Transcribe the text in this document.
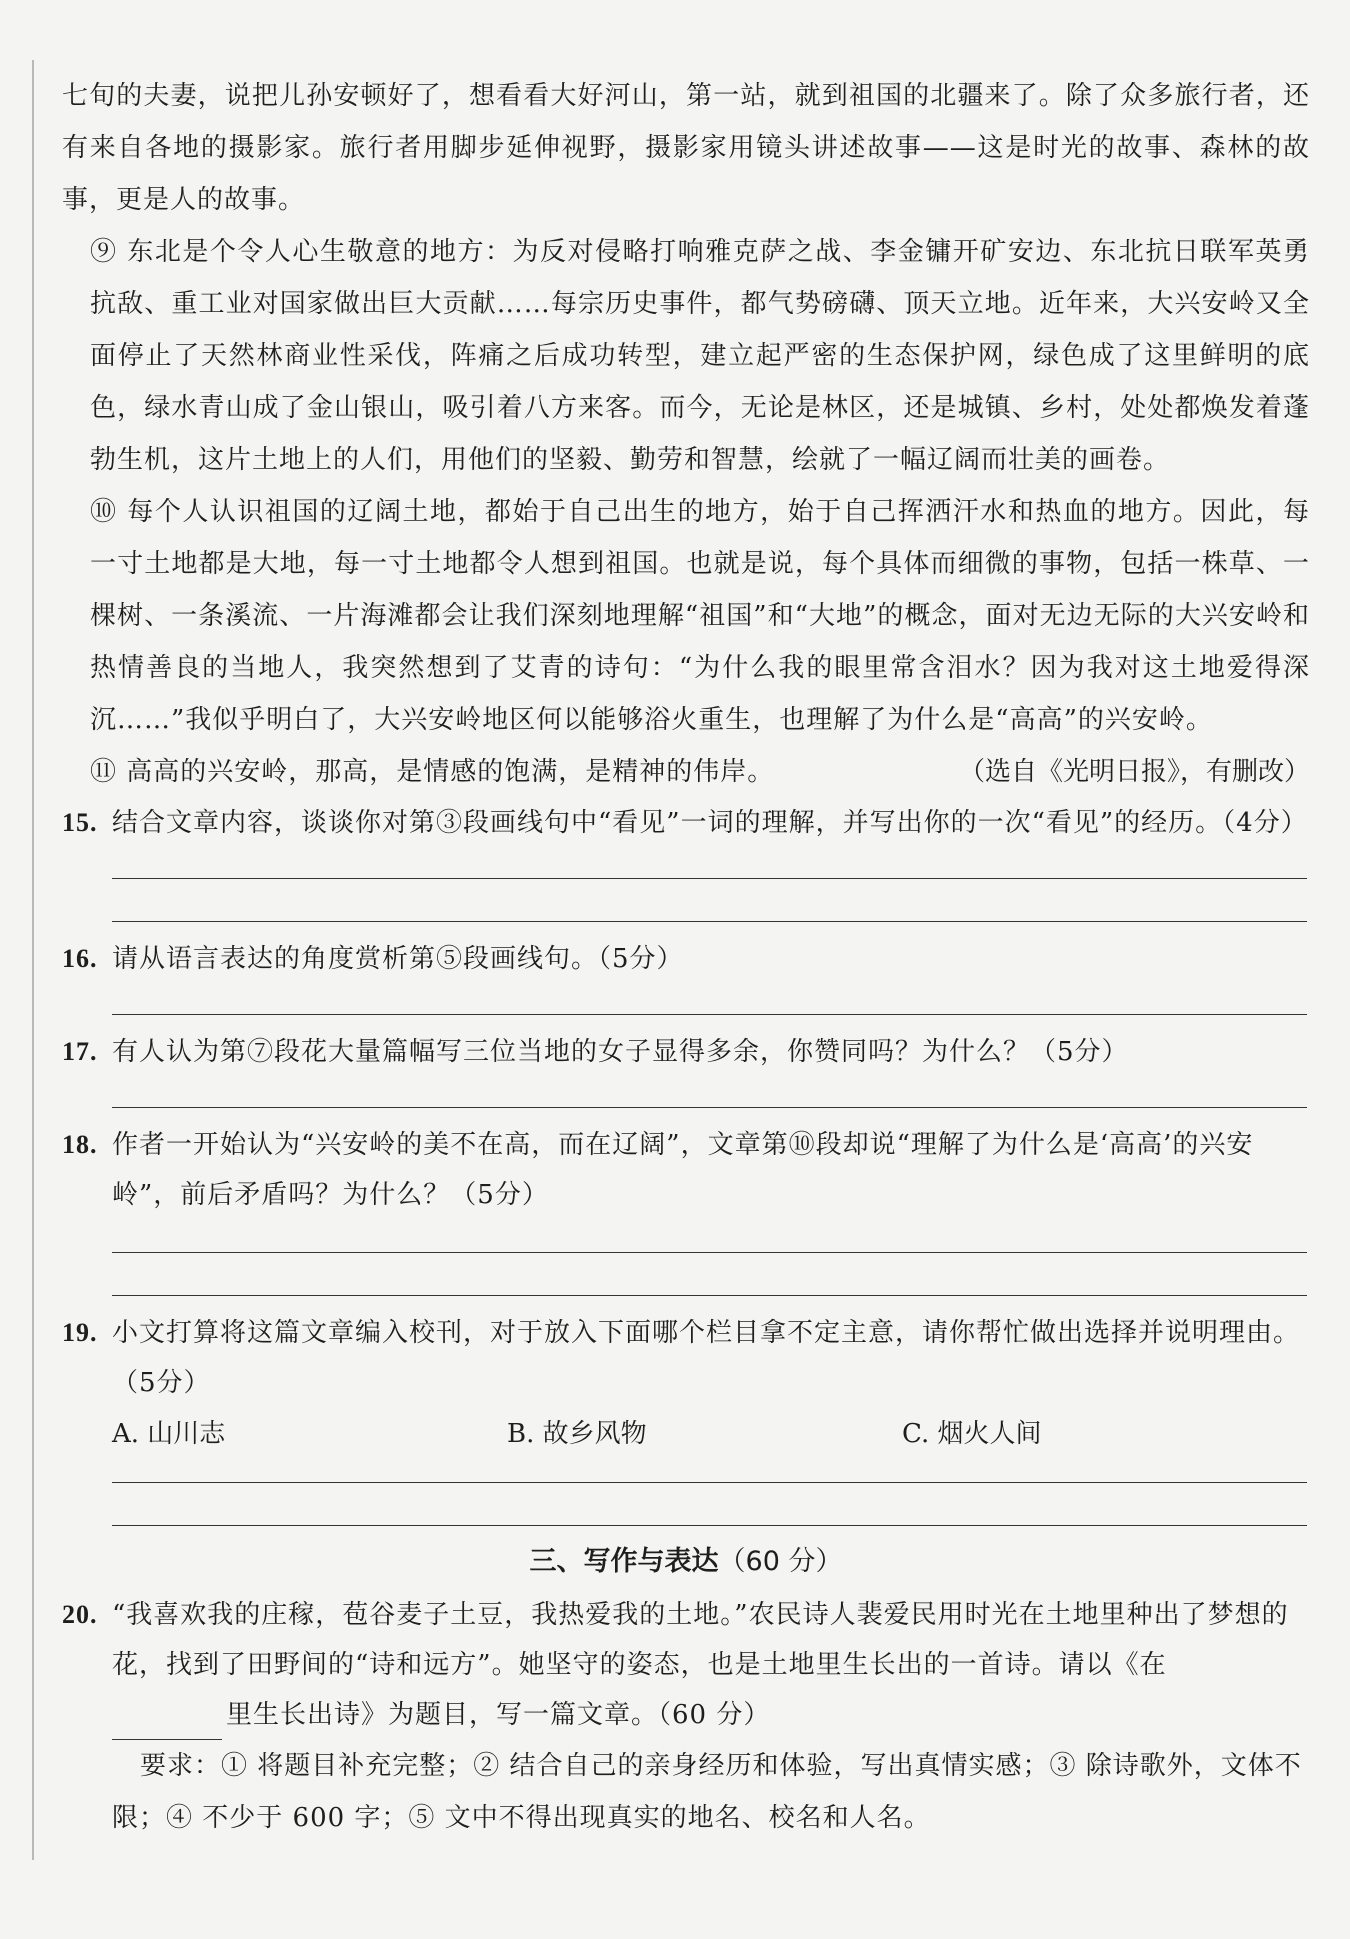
七旬的夫妻，说把儿孙安顿好了，想看看大好河山，第一站，就到祖国的北疆来了。除了众多旅行者，还有来自各地的摄影家。旅行者用脚步延伸视野，摄影家用镜头讲述故事——这是时光的故事、森林的故事，更是人的故事。

⑨ 东北是个令人心生敬意的地方：为反对侵略打响雅克萨之战、李金镛开矿安边、东北抗日联军英勇抗敌、重工业对国家做出巨大贡献……每宗历史事件，都气势磅礴、顶天立地。近年来，大兴安岭又全面停止了天然林商业性采伐，阵痛之后成功转型，建立起严密的生态保护网，绿色成了这里鲜明的底色，绿水青山成了金山银山，吸引着八方来客。而今，无论是林区，还是城镇、乡村，处处都焕发着蓬勃生机，这片土地上的人们，用他们的坚毅、勤劳和智慧，绘就了一幅辽阔而壮美的画卷。

⑩ 每个人认识祖国的辽阔土地，都始于自己出生的地方，始于自己挥洒汗水和热血的地方。因此，每一寸土地都是大地，每一寸土地都令人想到祖国。也就是说，每个具体而细微的事物，包括一株草、一棵树、一条溪流、一片海滩都会让我们深刻地理解“祖国”和“大地”的概念，面对无边无际的大兴安岭和热情善良的当地人，我突然想到了艾青的诗句：“为什么我的眼里常含泪水？因为我对这土地爱得深沉……”我似乎明白了，大兴安岭地区何以能够浴火重生，也理解了为什么是“高高”的兴安岭。

⑪ 高高的兴安岭，那高，是情感的饱满，是精神的伟岸。	（选自《光明日报》，有删改）

15. 结合文章内容，谈谈你对第③段画线句中“看见”一词的理解，并写出你的一次“看见”的经历。（4分）
16. 请从语言表达的角度赏析第⑤段画线句。（5分）
17. 有人认为第⑦段花大量篇幅写三位当地的女子显得多余，你赞同吗？为什么？（5分）
18. 作者一开始认为“兴安岭的美不在高，而在辽阔”，文章第⑩段却说“理解了为什么是‘高高’的兴安岭”，前后矛盾吗？为什么？（5分）
19. 小文打算将这篇文章编入校刊，对于放入下面哪个栏目拿不定主意，请你帮忙做出选择并说明理由。（5分）
A. 山川志	B. 故乡风物	C. 烟火人间
三、写作与表达（60 分）
20. “我喜欢我的庄稼，苞谷麦子土豆，我热爱我的土地。”农民诗人裴爱民用时光在土地里种出了梦想的花，找到了田野间的“诗和远方”。她坚守的姿态，也是土地里生长出的一首诗。请以《在
里生长出诗》为题目，写一篇文章。（60 分）

要求：① 将题目补充完整；② 结合自己的亲身经历和体验，写出真情实感；③ 除诗歌外，文体不限；④ 不少于 600 字；⑤ 文中不得出现真实的地名、校名和人名。
